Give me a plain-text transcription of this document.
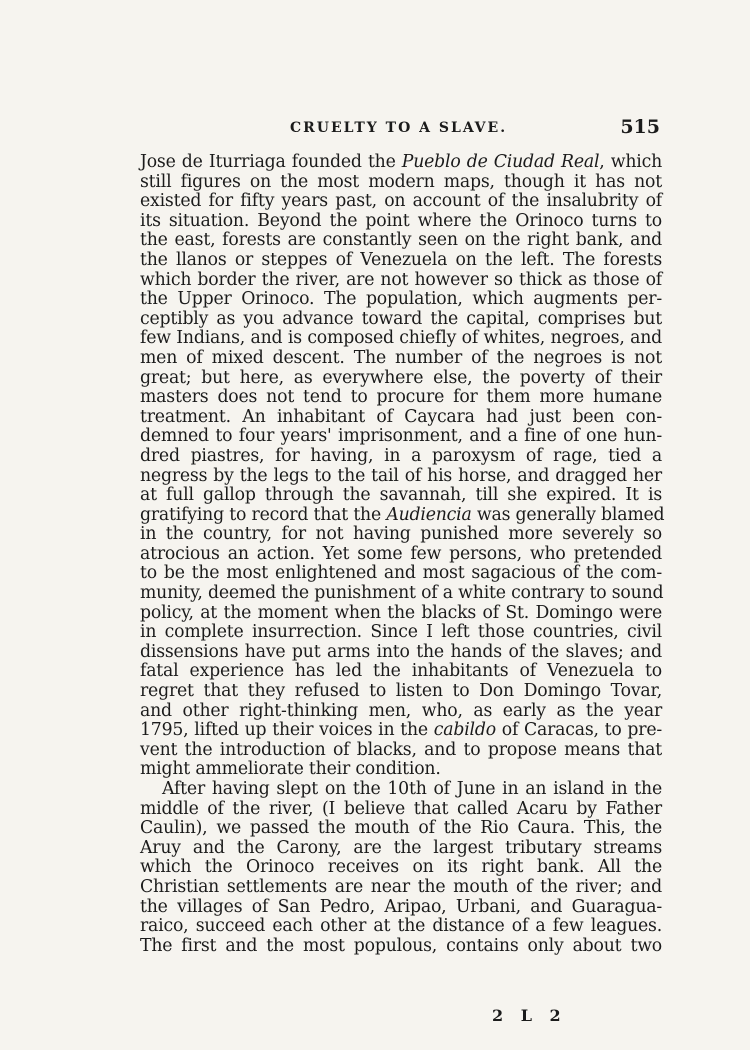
CRUELTY TO A SLAVE.	515
Jose de Iturriaga founded the Pueblo de Ciudad Real, which
still figures on the most modern maps, though it has not
existed for fifty years past, on account of the insalubrity of
its situation. Beyond the point where the Orinoco turns to
the east, forests are constantly seen on the right bank, and
the llanos or steppes of Venezuela on the left. The forests
which border the river, are not however so thick as those of
the Upper Orinoco. The population, which augments per-
ceptibly as you advance toward the capital, comprises but
few Indians, and is composed chiefly of whites, negroes, and
men of mixed descent. The number of the negroes is not
great; but here, as everywhere else, the poverty of their
masters does not tend to procure for them more humane
treatment. An inhabitant of Caycara had just been con-
demned to four years' imprisonment, and a fine of one hun-
dred piastres, for having, in a paroxysm of rage, tied a
negress by the legs to the tail of his horse, and dragged her
at full gallop through the savannah, till she expired. It is
gratifying to record that the Audiencia was generally blamed
in the country, for not having punished more severely so
atrocious an action. Yet some few persons, who pretended
to be the most enlightened and most sagacious of the com-
munity, deemed the punishment of a white contrary to sound
policy, at the moment when the blacks of St. Domingo were
in complete insurrection. Since I left those countries, civil
dissensions have put arms into the hands of the slaves; and
fatal experience has led the inhabitants of Venezuela to
regret that they refused to listen to Don Domingo Tovar,
and other right-thinking men, who, as early as the year
1795, lifted up their voices in the cabildo of Caracas, to pre-
vent the introduction of blacks, and to propose means that
might ammeliorate their condition.
After having slept on the 10th of June in an island in the
middle of the river, (I believe that called Acaru by Father
Caulin), we passed the mouth of the Rio Caura. This, the
Aruy and the Carony, are the largest tributary streams
which the Orinoco receives on its right bank. All the
Christian settlements are near the mouth of the river; and
the villages of San Pedro, Aripao, Urbani, and Guaragua-
raico, succeed each other at the distance of a few leagues.
The first and the most populous, contains only about two
2 L 2
